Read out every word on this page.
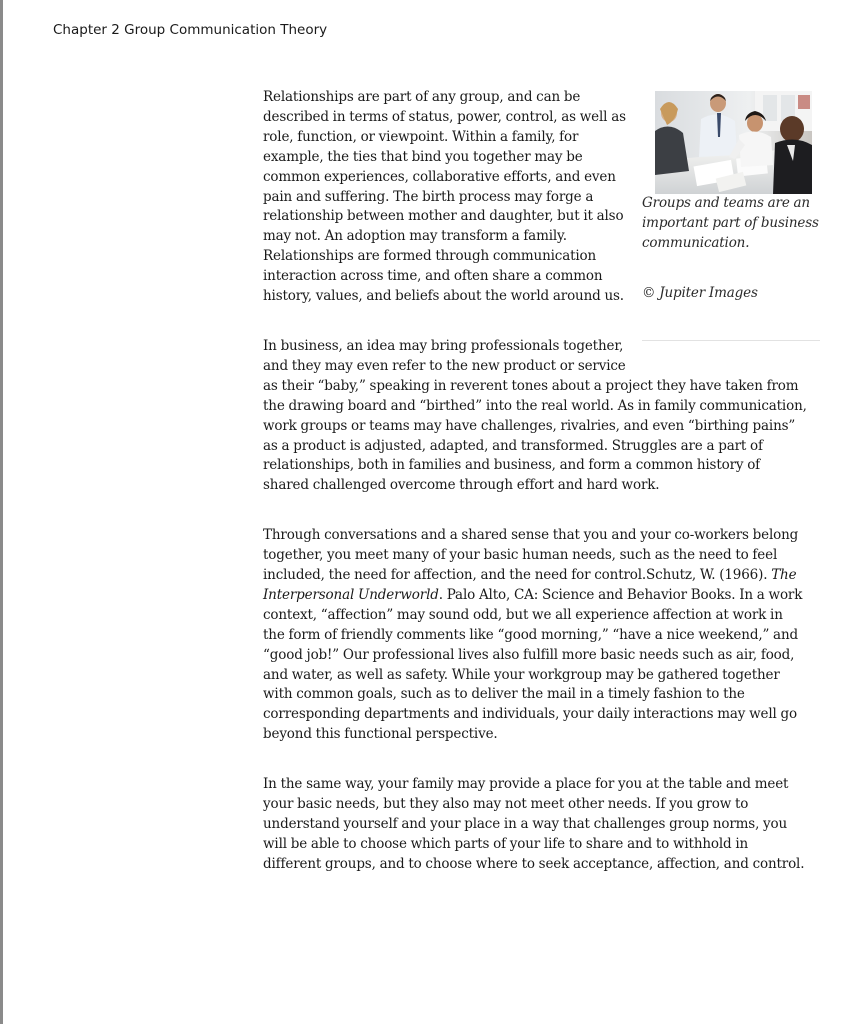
Chapter 2 Group Communication Theory

Groups and teams are an important part of business communication.

© Jupiter Images

Relationships are part of any group, and can be described in terms of status, power, control, as well as role, function, or viewpoint. Within a family, for example, the ties that bind you together may be common experiences, collaborative efforts, and even pain and suffering. The birth process may forge a relationship between mother and daughter, but it also may not. An adoption may transform a family. Relationships are formed through communication interaction across time, and often share a common history, values, and beliefs about the world around us.

In business, an idea may bring professionals together, and they may even refer to the new product or service as their “baby,” speaking in reverent tones about a project they have taken from the drawing board and “birthed” into the real world. As in family communication, work groups or teams may have challenges, rivalries, and even “birthing pains” as a product is adjusted, adapted, and transformed. Struggles are a part of relationships, both in families and business, and form a common history of shared challenged overcome through effort and hard work.

Through conversations and a shared sense that you and your co-workers belong together, you meet many of your basic human needs, such as the need to feel included, the need for affection, and the need for control.Schutz, W. (1966). The Interpersonal Underworld. Palo Alto, CA: Science and Behavior Books. In a work context, “affection” may sound odd, but we all experience affection at work in the form of friendly comments like “good morning,” “have a nice weekend,” and “good job!” Our professional lives also fulfill more basic needs such as air, food, and water, as well as safety. While your workgroup may be gathered together with common goals, such as to deliver the mail in a timely fashion to the corresponding departments and individuals, your daily interactions may well go beyond this functional perspective.

In the same way, your family may provide a place for you at the table and meet your basic needs, but they also may not meet other needs. If you grow to understand yourself and your place in a way that challenges group norms, you will be able to choose which parts of your life to share and to withhold in different groups, and to choose where to seek acceptance, affection, and control.
